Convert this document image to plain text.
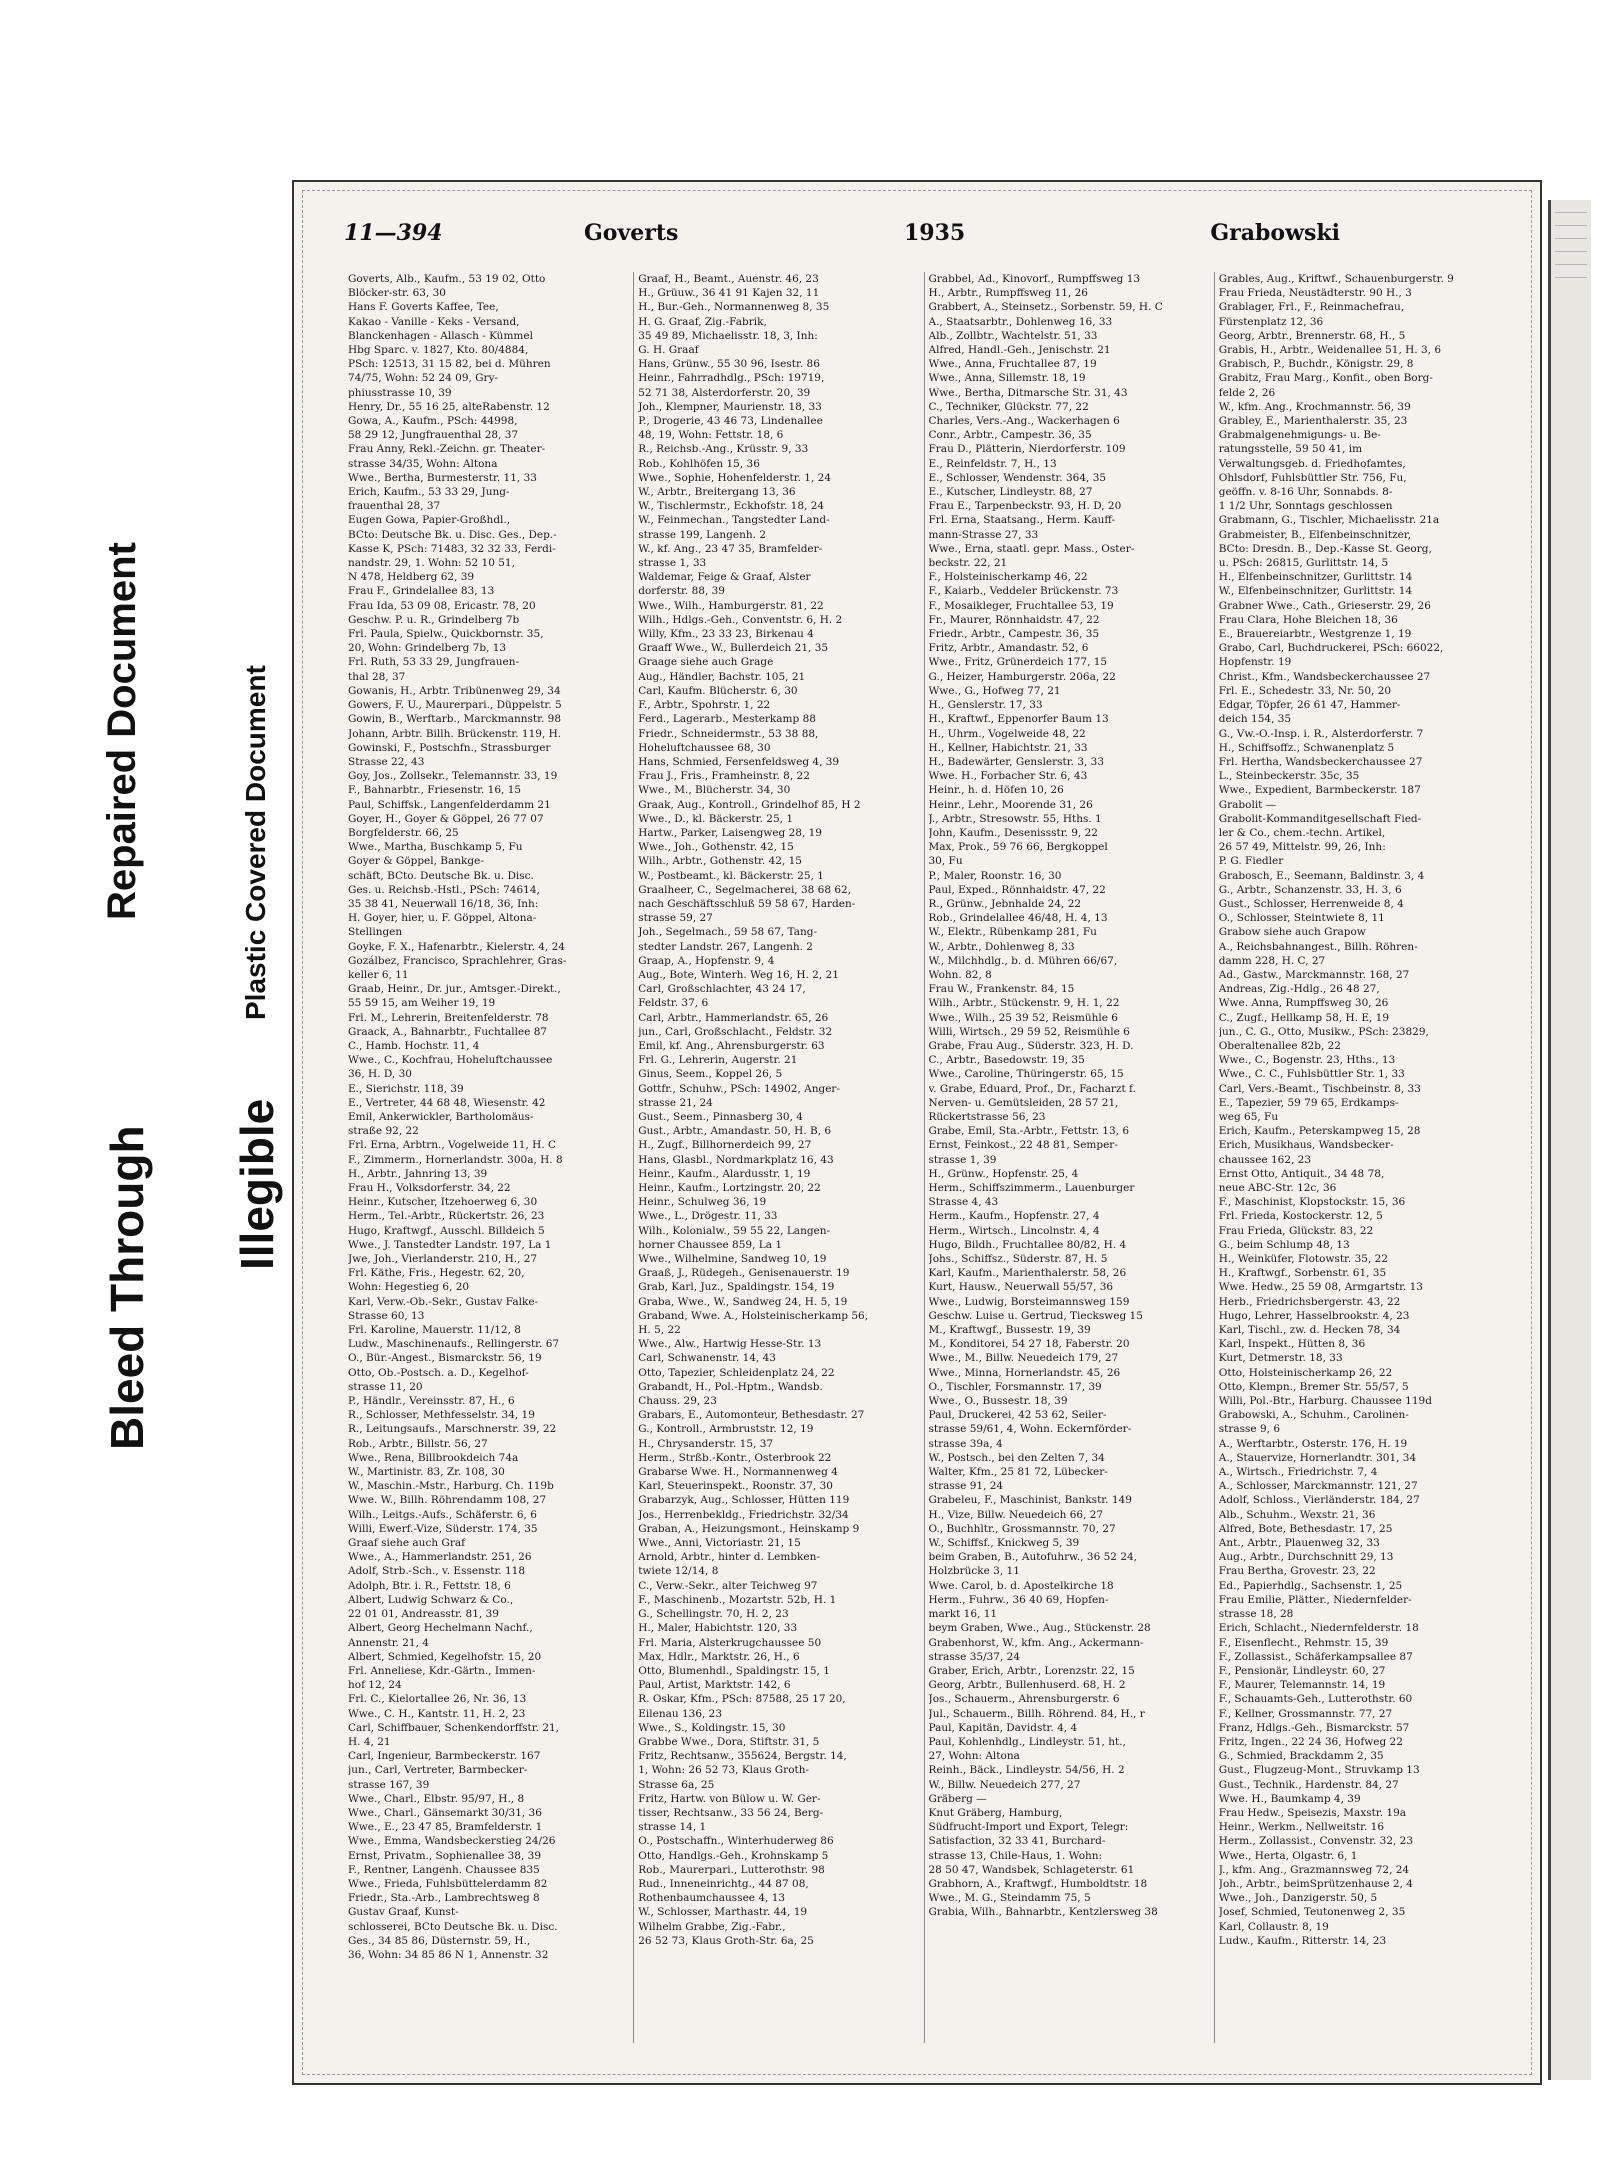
Bleed Through
Repaired Document
Illegible
Plastic Covered Document
11—394	Goverts	1935	Grabowski
Goverts, Alb., Kaufm., 53 19 02, Otto
Blöcker-str. 63, 30
Hans F. Goverts Kaffee, Tee,
Kakao - Vanille - Keks - Versand,
Blanckenhagen - Allasch - Kümmel
Hbg Sparc. v. 1827, Kto. 80/4884,
PSch: 12513, 31 15 82, bei d. Mühren
74/75, Wohn: 52 24 09, Gry-
phiusstrasse 10, 39
Henry, Dr., 55 16 25, alteRabenstr. 12
Gowa, A., Kaufm., PSch: 44998,
58 29 12, Jungfrauenthal 28, 37
Frau Anny, Rekl.-Zeichn. gr. Theater-
strasse 34/35, Wohn: Altona
Wwe., Bertha, Burmesterstr. 11, 33
Erich, Kaufm., 53 33 29, Jung-
frauenthal 28, 37
Eugen Gowa, Papier-Großhdl.,
BCto: Deutsche Bk. u. Disc. Ges., Dep.-
Kasse K, PSch: 71483, 32 32 33, Ferdi-
nandstr. 29, 1. Wohn: 52 10 51,
N 478, Heldberg 62, 39
Frau F., Grindelallee 83, 13
Frau Ida, 53 09 08, Ericastr. 78, 20
Geschw. P. u. R., Grindelberg 7b
Frl. Paula, Spielw., Quickbornstr. 35,
20, Wohn: Grindelberg 7b, 13
Frl. Ruth, 53 33 29, Jungfrauen-
thal 28, 37
Gowanis, H., Arbtr. Tribünenweg 29, 34
Gowers, F. U., Maurerpari., Düppelstr. 5
Gowin, B., Werftarb., Marckmannstr. 98
Johann, Arbtr. Billh. Brückenstr. 119, H.
Gowinski, F., Postschfn., Strassburger
Strasse 22, 43
Goy, Jos., Zollsekr., Telemannstr. 33, 19
F., Bahnarbtr., Friesenstr. 16, 15
Paul, Schiffsk., Langenfelderdamm 21
Goyer, H., Goyer & Göppel, 26 77 07
Borgfelderstr. 66, 25
Wwe., Martha, Buschkamp 5, Fu
Goyer & Göppel, Bankge-
schäft, BCto. Deutsche Bk. u. Disc.
Ges. u. Reichsb.-Hstl., PSch: 74614,
35 38 41, Neuerwall 16/18, 36, Inh:
H. Goyer, hier, u. F. Göppel, Altona-
Stellingen
Goyke, F. X., Hafenarbtr., Kielerstr. 4, 24
Gozálbez, Francisco, Sprachlehrer, Gras-
keller 6, 11
Graab, Heinr., Dr. jur., Amtsger.-Direkt.,
55 59 15, am Weiher 19, 19
Frl. M., Lehrerin, Breitenfelderstr. 78
Graack, A., Bahnarbtr., Fuchtallee 87
C., Hamb. Hochstr. 11, 4
Wwe., C., Kochfrau, Hoheluftchaussee
36, H. D, 30
E., Sierichstr. 118, 39
E., Vertreter, 44 68 48, Wiesenstr. 42
Emil, Ankerwickler, Bartholomäus-
straße 92, 22
Frl. Erna, Arbtrn., Vogelweide 11, H. C
F., Zimmerm., Hornerlandstr. 300a, H. 8
H., Arbtr., Jahnring 13, 39
Frau H., Volksdorferstr. 34, 22
Heinr., Kutscher, Itzehoerweg 6, 30
Herm., Tel.-Arbtr., Rückertstr. 26, 23
Hugo, Kraftwgf., Ausschl. Billdeich 5
Wwe., J. Tanstedter Landstr. 197, La 1
Jwe, Joh., Vierlanderstr. 210, H., 27
Frl. Käthe, Fris., Hegestr. 62, 20,
Wohn: Hegestieg 6, 20
Karl, Verw.-Ob.-Sekr., Gustav Falke-
Strasse 60, 13
Frl. Karoline, Mauerstr. 11/12, 8
Ludw., Maschinenaufs., Rellingerstr. 67
O., Bür.-Angest., Bismarckstr. 56, 19
Otto, Ob.-Postsch. a. D., Kegelhof-
strasse 11, 20
P., Händlr., Vereinsstr. 87, H., 6
R., Schlosser, Methfesselstr. 34, 19
R., Leitungsaufs., Marschnerstr. 39, 22
Rob., Arbtr., Billstr. 56, 27
Wwe., Rena, Billbrookdeich 74a
W., Martinistr. 83, Zr. 108, 30
W., Maschin.-Mstr., Harburg. Ch. 119b
Wwe. W., Billh. Röhrendamm 108, 27
Wilh., Leitgs.-Aufs., Schäferstr. 6, 6
Willi, Ewerf.-Vize, Süderstr. 174, 35
Graaf siehe auch Graf
Wwe., A., Hammerlandstr. 251, 26
Adolf, Strb.-Sch., v. Essenstr. 118
Adolph, Btr. i. R., Fettstr. 18, 6
Albert, Ludwig Schwarz & Co.,
22 01 01, Andreasstr. 81, 39
Albert, Georg Hechelmann Nachf.,
Annenstr. 21, 4
Albert, Schmied, Kegelhofstr. 15, 20
Frl. Anneliese, Kdr.-Gärtn., Immen-
hof 12, 24
Frl. C., Kielortallee 26, Nr. 36, 13
Wwe., C. H., Kantstr. 11, H. 2, 23
Carl, Schiffbauer, Schenkendorffstr. 21,
H. 4, 21
Carl, Ingenieur, Barmbeckerstr. 167
jun., Carl, Vertreter, Barmbecker-
strasse 167, 39
Wwe., Charl., Elbstr. 95/97, H., 8
Wwe., Charl., Gänsemarkt 30/31, 36
Wwe., E., 23 47 85, Bramfelderstr. 1
Wwe., Emma, Wandsbeckerstieg 24/26
Ernst, Privatm., Sophienallee 38, 39
F., Rentner, Langenh. Chaussee 835
Wwe., Frieda, Fuhlsbüttelerdamm 82
Friedr., Sta.-Arb., Lambrechtsweg 8
Gustav Graaf, Kunst-
schlosserei, BCto Deutsche Bk. u. Disc.
Ges., 34 85 86, Düsternstr. 59, H.,
36, Wohn: 34 85 86 N 1, Annenstr. 32
Graaf, H., Beamt., Auenstr. 46, 23
H., Grüuw., 36 41 91 Kajen 32, 11
H., Bur.-Geh., Normannenweg 8, 35
H. G. Graaf, Zig.-Fabrik,
35 49 89, Michaelisstr. 18, 3, Inh:
G. H. Graaf
Hans, Grünw., 55 30 96, Isestr. 86
Heinr., Fahrradhdlg., PSch: 19719,
52 71 38, Alsterdorferstr. 20, 39
Joh., Klempner, Maurienstr. 18, 33
P., Drogerie, 43 46 73, Lindenallee
48, 19, Wohn: Fettstr. 18, 6
R., Reichsb.-Ang., Krüsstr. 9, 33
Rob., Kohlhöfen 15, 36
Wwe., Sophie, Hohenfelderstr. 1, 24
W., Arbtr., Breitergang 13, 36
W., Tischlermstr., Eckhofstr. 18, 24
W., Feinmechan., Tangstedter Land-
strasse 199, Langenh. 2
W., kf. Ang., 23 47 35, Bramfelder-
strasse 1, 33
Waldemar, Feige & Graaf, Alster
dorferstr. 88, 39
Wwe., Wilh., Hamburgerstr. 81, 22
Wilh., Hdlgs.-Geh., Conventstr. 6, H. 2
Willy, Kfm., 23 33 23, Birkenau 4
Graaff Wwe., W., Bullerdeich 21, 35
Graage siehe auch Grage
Aug., Händler, Bachstr. 105, 21
Carl, Kaufm. Blücherstr. 6, 30
F., Arbtr., Spohrstr. 1, 22
Ferd., Lagerarb., Mesterkamp 88
Friedr., Schneidermstr., 53 38 88,
Hoheluftchaussee 68, 30
Hans, Schmied, Fersenfeldsweg 4, 39
Frau J., Fris., Framheinstr. 8, 22
Wwe., M., Blücherstr. 34, 30
Graak, Aug., Kontroll., Grindelhof 85, H 2
Wwe., D., kl. Bäckerstr. 25, 1
Hartw., Parker, Laisengweg 28, 19
Wwe., Joh., Gothenstr. 42, 15
Wilh., Arbtr., Gothenstr. 42, 15
W., Postbeamt., kl. Bäckerstr. 25, 1
Graalheer, C., Segelmacherei, 38 68 62,
nach Geschäftsschluß 59 58 67, Harden-
strasse 59, 27
Joh., Segelmach., 59 58 67, Tang-
stedter Landstr. 267, Langenh. 2
Graap, A., Hopfenstr. 9, 4
Aug., Bote, Winterh. Weg 16, H. 2, 21
Carl, Großschlachter, 43 24 17,
Feldstr. 37, 6
Carl, Arbtr., Hammerlandstr. 65, 26
jun., Carl, Großschlacht., Feldstr. 32
Emil, kf. Ang., Ahrensburgerstr. 63
Frl. G., Lehrerin, Augerstr. 21
Ginus, Seem., Koppel 26, 5
Gottfr., Schuhw., PSch: 14902, Anger-
strasse 21, 24
Gust., Seem., Pinnasberg 30, 4
Gust., Arbtr., Amandastr. 50, H. B, 6
H., Zugf., Billhornerdeich 99, 27
Hans, Glasbl., Nordmarkplatz 16, 43
Heinr., Kaufm., Alardusstr. 1, 19
Heinr., Kaufm., Lortzingstr. 20, 22
Heinr., Schulweg 36, 19
Wwe., L., Drögestr. 11, 33
Wilh., Kolonialw., 59 55 22, Langen-
horner Chaussee 859, La 1
Wwe., Wilhelmine, Sandweg 10, 19
Graaß, J., Rüdegeh., Genisenauerstr. 19
Grab, Karl, Juz., Spaldingstr. 154, 19
Graba, Wwe., W., Sandweg 24, H. 5, 19
Graband, Wwe. A., Holsteinischerkamp 56,
H. 5, 22
Wwe., Alw., Hartwig Hesse-Str. 13
Carl, Schwanenstr. 14, 43
Otto, Tapezier, Schleidenplatz 24, 22
Grabandt, H., Pol.-Hptm., Wandsb.
Chauss. 29, 23
Grabars, E., Automonteur, Bethesdastr. 27
G., Kontroll., Armbruststr. 12, 19
H., Chrysanderstr. 15, 37
Herm., Strßb.-Kontr., Osterbrook 22
Grabarse Wwe. H., Normannenweg 4
Karl, Steuerinspekt., Roonstr. 37, 30
Grabarzyk, Aug., Schlosser, Hütten 119
Jos., Herrenbekldg., Friedrichstr. 32/34
Graban, A., Heizungsmont., Heinskamp 9
Wwe., Anni, Victoriastr. 21, 15
Arnold, Arbtr., hinter d. Lembken-
twiete 12/14, 8
C., Verw.-Sekr., alter Teichweg 97
F., Maschinenb., Mozartstr. 52b, H. 1
G., Schellingstr. 70, H. 2, 23
H., Maler, Habichtstr. 120, 33
Frl. Maria, Alsterkrugchaussee 50
Max, Hdlr., Marktstr. 26, H., 6
Otto, Blumenhdl., Spaldingstr. 15, 1
Paul, Artist, Marktstr. 142, 6
R. Oskar, Kfm., PSch: 87588, 25 17 20,
Eilenau 136, 23
Wwe., S., Koldingstr. 15, 30
Grabbe Wwe., Dora, Stiftstr. 31, 5
Fritz, Rechtsanw., 355624, Bergstr. 14,
1, Wohn: 26 52 73, Klaus Groth-
Strasse 6a, 25
Fritz, Hartw. von Bülow u. W. Ger-
tisser, Rechtsanw., 33 56 24, Berg-
strasse 14, 1
O., Postschaffn., Winterhuderweg 86
Otto, Handlgs.-Geh., Krohnskamp 5
Rob., Maurerpari., Lutterothstr. 98
Rud., Inneneinrichtg., 44 87 08,
Rothenbaumchaussee 4, 13
W., Schlosser, Marthastr. 44, 19
Wilhelm Grabbe, Zig.-Fabr.,
26 52 73, Klaus Groth-Str. 6a, 25
Grabbel, Ad., Kinovorf., Rumpffsweg 13
H., Arbtr., Rumpffsweg 11, 26
Grabbert, A., Steinsetz., Sorbenstr. 59, H. C
A., Staatsarbtr., Dohlenweg 16, 33
Alb., Zollbtr., Wachtelstr. 51, 33
Alfred, Handl.-Geh., Jenischstr. 21
Wwe., Anna, Fruchtallee 87, 19
Wwe., Anna, Sillemstr. 18, 19
Wwe., Bertha, Ditmarsche Str. 31, 43
C., Techniker, Glückstr. 77, 22
Charles, Vers.-Ang., Wackerhagen 6
Conr., Arbtr., Campestr. 36, 35
Frau D., Plätterin, Nierdorferstr. 109
E., Reinfeldstr. 7, H., 13
E., Schlosser, Wendenstr. 364, 35
E., Kutscher, Lindleystr. 88, 27
Frau E., Tarpenbeckstr. 93, H. D, 20
Frl. Erna, Staatsang., Herm. Kauff-
mann-Strasse 27, 33
Wwe., Erna, staatl. gepr. Mass., Oster-
beckstr. 22, 21
F., Holsteinischerkamp 46, 22
F., Kaiarb., Veddeler Brückenstr. 73
F., Mosaikleger, Fruchtallee 53, 19
Fr., Maurer, Rönnhaidstr. 47, 22
Friedr., Arbtr., Campestr. 36, 35
Fritz, Arbtr., Amandastr. 52, 6
Wwe., Fritz, Grünerdeich 177, 15
G., Heizer, Hamburgerstr. 206a, 22
Wwe., G., Hofweg 77, 21
H., Genslerstr. 17, 33
H., Kraftwf., Eppenorfer Baum 13
H., Uhrm., Vogelweide 48, 22
H., Kellner, Habichtstr. 21, 33
H., Badewärter, Genslerstr. 3, 33
Wwe. H., Forbacher Str. 6, 43
Heinr., h. d. Höfen 10, 26
Heinr., Lehr., Moorende 31, 26
J., Arbtr., Stresowstr. 55, Hths. 1
John, Kaufm., Desenissstr. 9, 22
Max, Prok., 59 76 66, Bergkoppel
30, Fu
P., Maler, Roonstr. 16, 30
Paul, Exped., Rönnhaidstr. 47, 22
R., Grünw., Jebnhalde 24, 22
Rob., Grindelallee 46/48, H. 4, 13
W., Elektr., Rübenkamp 281, Fu
W., Arbtr., Dohlenweg 8, 33
W., Milchhdlg., b. d. Mühren 66/67,
Wohn. 82, 8
Frau W., Frankenstr. 84, 15
Wilh., Arbtr., Stückenstr. 9, H. 1, 22
Wwe., Wilh., 25 39 52, Reismühle 6
Willi, Wirtsch., 29 59 52, Reismühle 6
Grabe, Frau Aug., Süderstr. 323, H. D.
C., Arbtr., Basedowstr. 19, 35
Wwe., Caroline, Thüringerstr. 65, 15
v. Grabe, Eduard, Prof., Dr., Facharzt f.
Nerven- u. Gemütsleiden, 28 57 21,
Rückertstrasse 56, 23
Grabe, Emil, Sta.-Arbtr., Fettstr. 13, 6
Ernst, Feinkost., 22 48 81, Semper-
strasse 1, 39
H., Grünw., Hopfenstr. 25, 4
Herm., Schiffszimmerm., Lauenburger
Strasse 4, 43
Herm., Kaufm., Hopfenstr. 27, 4
Herm., Wirtsch., Lincolnstr. 4, 4
Hugo, Bildh., Fruchtallee 80/82, H. 4
Johs., Schiffsz., Süderstr. 87, H. 5
Karl, Kaufm., Marienthalerstr. 58, 26
Kurt, Hausw., Neuerwall 55/57, 36
Wwe., Ludwig, Borsteimannsweg 159
Geschw. Luise u. Gertrud, Tiecksweg 15
M., Kraftwgf., Bussestr. 19, 39
M., Konditorei, 54 27 18, Faberstr. 20
Wwe., M., Billw. Neuedeich 179, 27
Wwe., Minna, Hornerlandstr. 45, 26
O., Tischler, Forsmannstr. 17, 39
Wwe., O., Bussestr. 18, 39
Paul, Druckerei, 42 53 62, Seiler-
strasse 59/61, 4, Wohn. Eckernförder-
strasse 39a, 4
W., Postsch., bei den Zelten 7, 34
Walter, Kfm., 25 81 72, Lübecker-
strasse 91, 24
Grabeleu, F., Maschinist, Bankstr. 149
H., Vize, Billw. Neuedeich 66, 27
O., Buchhltr., Grossmannstr. 70, 27
W., Schiffsf., Knickweg 5, 39
beim Graben, B., Autofuhrw., 36 52 24,
Holzbrücke 3, 11
Wwe. Carol, b. d. Apostelkirche 18
Herm., Fuhrw., 36 40 69, Hopfen-
markt 16, 11
beym Graben, Wwe., Aug., Stückenstr. 28
Grabenhorst, W., kfm. Ang., Ackermann-
strasse 35/37, 24
Graber, Erich, Arbtr., Lorenzstr. 22, 15
Georg, Arbtr., Bullenhuserd. 68, H. 2
Jos., Schauerm., Ahrensburgerstr. 6
Jul., Schauerm., Billh. Röhrend. 84, H., r
Paul, Kapitän, Davidstr. 4, 4
Paul, Kohlenhdlg., Lindleystr. 51, ht.,
27, Wohn: Altona
Reinh., Bäck., Lindleystr. 54/56, H. 2
W., Billw. Neuedeich 277, 27
Gräberg —
Knut Gräberg, Hamburg,
Südfrucht-Import und Export, Telegr:
Satisfaction, 32 33 41, Burchard-
strasse 13, Chile-Haus, 1. Wohn:
28 50 47, Wandsbek, Schlageterstr. 61
Grabhorn, A., Kraftwgf., Humboldtstr. 18
Wwe., M. G., Steindamm 75, 5
Grabia, Wilh., Bahnarbtr., Kentzlersweg 38
Grables, Aug., Kriftwf., Schauenburgerstr. 9
Frau Frieda, Neustädterstr. 90 H., 3
Grablager, Frl., F., Reinmachefrau,
Fürstenplatz 12, 36
Georg, Arbtr., Brennerstr. 68, H., 5
Grabis, H., Arbtr., Weidenallee 51, H. 3, 6
Grabisch, P., Buchdr., Königstr. 29, 8
Grabitz, Frau Marg., Konfit., oben Borg-
felde 2, 26
W., kfm. Ang., Krochmannstr. 56, 39
Grabley, E., Marienthalerstr. 35, 23
Grabmalgenehmigungs- u. Be-
ratungsstelle, 59 50 41, im
Verwaltungsgeb. d. Friedhofamtes,
Ohlsdorf, Fuhlsbüttler Str. 756, Fu,
geöffn. v. 8-16 Uhr, Sonnabds. 8-
1 1/2 Uhr, Sonntags geschlossen
Grabmann, G., Tischler, Michaelisstr. 21a
Grabmeister, B., Elfenbeinschnitzer,
BCto: Dresdn. B., Dep.-Kasse St. Georg,
u. PSch: 26815, Gurlittstr. 14, 5
H., Elfenbeinschnitzer, Gurlittstr. 14
W., Elfenbeinschnitzer, Gurlittstr. 14
Grabner Wwe., Cath., Grieserstr. 29, 26
Frau Clara, Hohe Bleichen 18, 36
E., Brauereiarbtr., Westgrenze 1, 19
Grabo, Carl, Buchdruckerei, PSch: 66022,
Hopfenstr. 19
Christ., Kfm., Wandsbeckerchaussee 27
Frl. E., Schedestr. 33, Nr. 50, 20
Edgar, Töpfer, 26 61 47, Hammer-
deich 154, 35
G., Vw.-O.-Insp. i. R., Alsterdorferstr. 7
H., Schiffsoffz., Schwanenplatz 5
Frl. Hertha, Wandsbeckerchaussee 27
L., Steinbeckerstr. 35c, 35
Wwe., Expedient, Barmbeckerstr. 187
Grabolit —
Grabolit-Kommanditgesellschaft Fied-
ler & Co., chem.-techn. Artikel,
26 57 49, Mittelstr. 99, 26, Inh:
P. G. Fiedler
Grabosch, E., Seemann, Baldinstr. 3, 4
G., Arbtr., Schanzenstr. 33, H. 3, 6
Gust., Schlosser, Herrenweide 8, 4
O., Schlosser, Steintwiete 8, 11
Grabow siehe auch Grapow
A., Reichsbahnangest., Billh. Röhren-
damm 228, H. C, 27
Ad., Gastw., Marckmannstr. 168, 27
Andreas, Zig.-Hdlg., 26 48 27,
Wwe. Anna, Rumpffsweg 30, 26
C., Zugf., Hellkamp 58, H. E, 19
jun., C. G., Otto, Musikw., PSch: 23829,
Oberaltenallee 82b, 22
Wwe., C., Bogenstr. 23, Hths., 13
Wwe., C. C., Fuhlsbüttler Str. 1, 33
Carl, Vers.-Beamt., Tischbeinstr. 8, 33
E., Tapezier, 59 79 65, Erdkamps-
weg 65, Fu
Erich, Kaufm., Peterskampweg 15, 28
Erich, Musikhaus, Wandsbecker-
chaussee 162, 23
Ernst Otto, Antiquit., 34 48 78,
neue ABC-Str. 12c, 36
F., Maschinist, Klopstockstr. 15, 36
Frl. Frieda, Kostockerstr. 12, 5
Frau Frieda, Glückstr. 83, 22
G., beim Schlump 48, 13
H., Weinküfer, Flotowstr. 35, 22
H., Kraftwgf., Sorbenstr. 61, 35
Wwe. Hedw., 25 59 08, Armgartstr. 13
Herb., Friedrichsbergerstr. 43, 22
Hugo, Lehrer, Hasselbrookstr. 4, 23
Karl, Tischl., zw. d. Hecken 78, 34
Karl, Inspekt., Hütten 8, 36
Kurt, Detmerstr. 18, 33
Otto, Holsteinischerkamp 26, 22
Otto, Klempn., Bremer Str. 55/57, 5
Willi, Pol.-Btr., Harburg. Chaussee 119d
Grabowski, A., Schuhm., Carolinen-
strasse 9, 6
A., Werftarbtr., Osterstr. 176, H. 19
A., Stauervize, Hornerlandtr. 301, 34
A., Wirtsch., Friedrichstr. 7, 4
A., Schlosser, Marckmannstr. 121, 27
Adolf, Schloss., Vierländerstr. 184, 27
Alb., Schuhm., Wexstr. 21, 36
Alfred, Bote, Bethesdastr. 17, 25
Ant., Arbtr., Plauenweg 32, 33
Aug., Arbtr., Durchschnitt 29, 13
Frau Bertha, Grovestr. 23, 22
Ed., Papierhdlg., Sachsenstr. 1, 25
Frau Emilie, Plätter., Niedernfelder-
strasse 18, 28
Erich, Schlacht., Niedernfelderstr. 18
F., Eisenflecht., Rehmstr. 15, 39
F., Zollassist., Schäferkampsallee 87
F., Pensionär, Lindleystr. 60, 27
F., Maurer, Telemannstr. 14, 19
F., Schauamts-Geh., Lutterothstr. 60
F., Kellner, Grossmannstr. 77, 27
Franz, Hdlgs.-Geh., Bismarckstr. 57
Fritz, Ingen., 22 24 36, Hofweg 22
G., Schmied, Brackdamm 2, 35
Gust., Flugzeug-Mont., Struvkamp 13
Gust., Technik., Hardenstr. 84, 27
Wwe. H., Baumkamp 4, 39
Frau Hedw., Speisezis, Maxstr. 19a
Heinr., Werkm., Nellweitstr. 16
Herm., Zollassist., Convenstr. 32, 23
Wwe., Herta, Olgastr. 6, 1
J., kfm. Ang., Grazmannsweg 72, 24
Joh., Arbtr., beimSprützenhause 2, 4
Wwe., Joh., Danzigerstr. 50, 5
Josef, Schmied, Teutonenweg 2, 35
Karl, Collaustr. 8, 19
Ludw., Kaufm., Ritterstr. 14, 23
